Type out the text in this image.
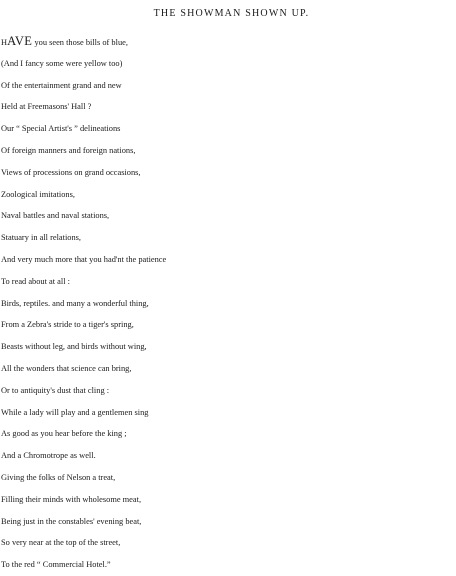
THE SHOWMAN SHOWN UP.
HAVE you seen those bills of blue,
(And I fancy some were yellow too)
Of the entertainment grand and new
Held at Freemasons' Hall ?
Our “ Special Artist's ” delineations
Of foreign manners and foreign nations,
Views of processions on grand occasions,
Zoological imitations,
Naval battles and naval stations,
Statuary in all relations,
And very much more that you had'nt the patience
To read about at all :
Birds, reptiles. and many a wonderful thing,
From a Zebra's stride to a tiger's spring,
Beasts without leg, and birds without wing,
All the wonders that science can bring,
Or to antiquity's dust that cling :
While a lady will play and a gentlemen sing
As good as you hear before the king ;
And a Chromotrope as well.
Giving the folks of Nelson a treat,
Filling their minds with wholesome meat,
Being just in the constables' evening beat,
So very near at the top of the street,
To the red “ Commercial Hotel.”
